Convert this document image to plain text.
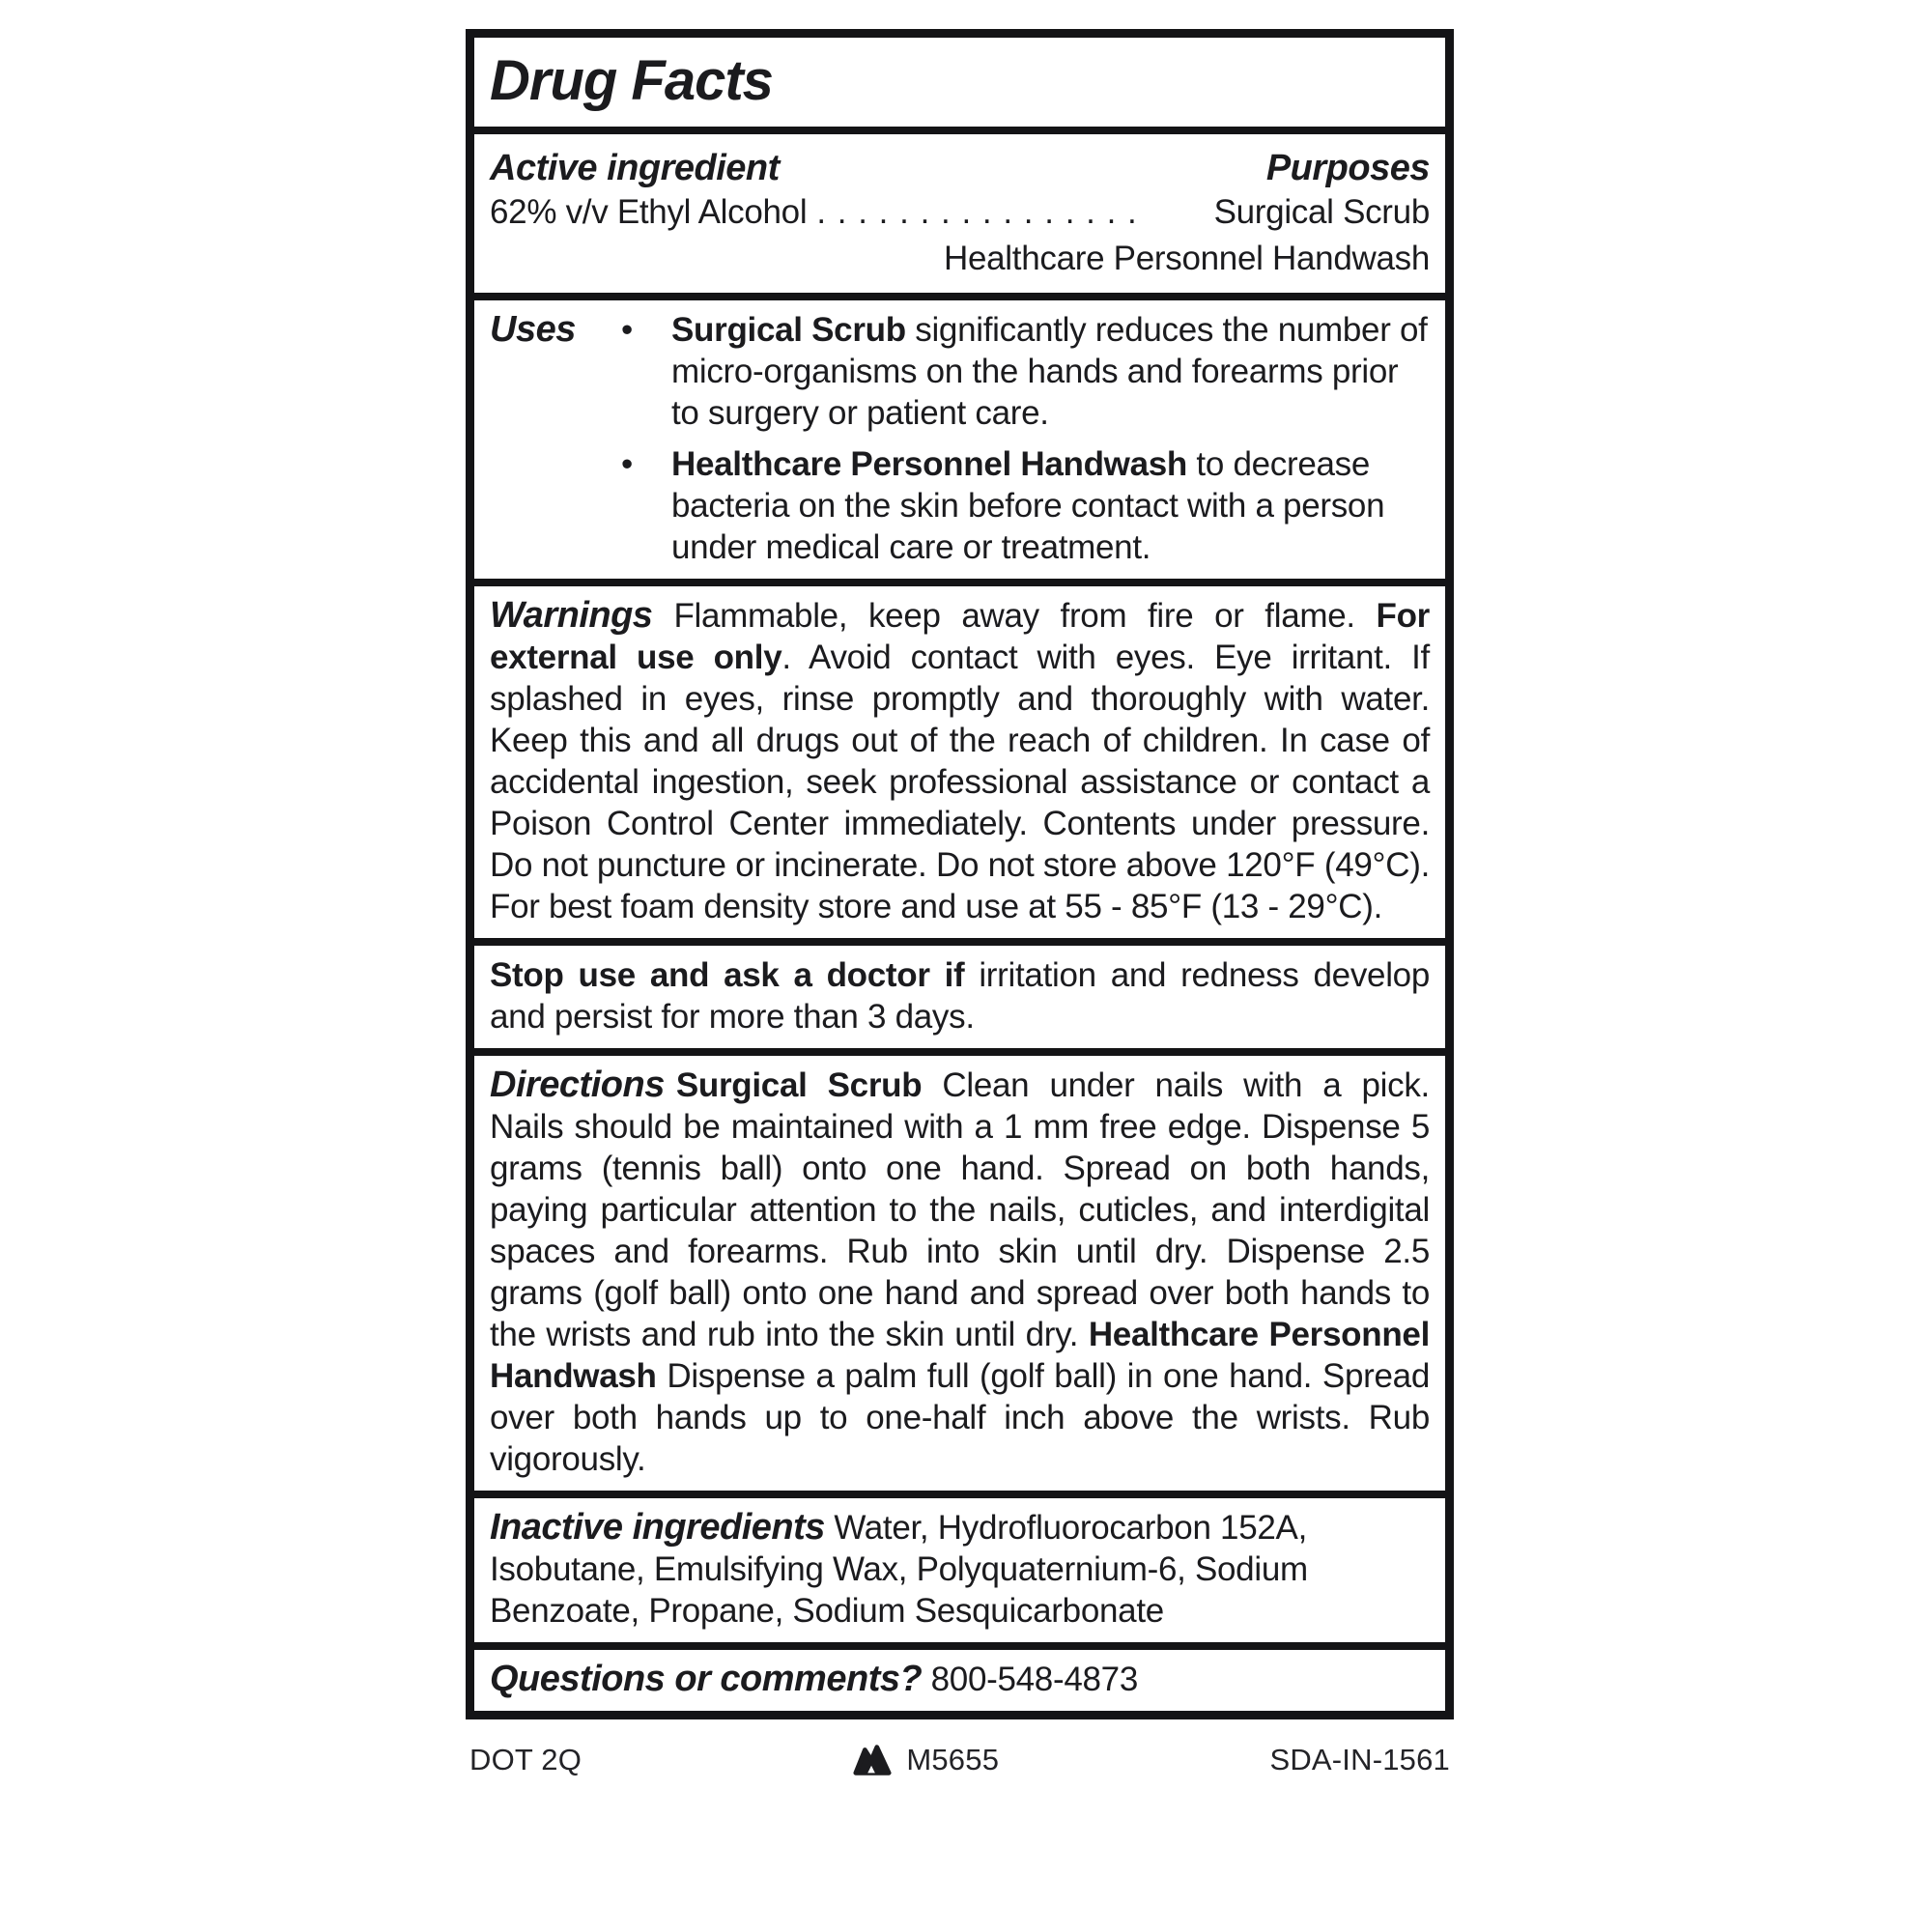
Drug Facts
Active ingredient	Purposes
62% v/v Ethyl Alcohol . . . . . . . . . . . . . . . .	Surgical Scrub
Healthcare Personnel Handwash
Uses •	Surgical Scrub significantly reduces the number of micro-organisms on the hands and forearms prior to surgery or patient care.
•
Healthcare Personnel Handwash to decrease bacteria on the skin before contact with a person under medical care or treatment.

Warnings Flammable, keep away from fire or flame. For external use only. Avoid contact with eyes. Eye irritant. If splashed in eyes, rinse promptly and thoroughly with water. Keep this and all drugs out of the reach of children. In case of accidental ingestion, seek professional assistance or contact a Poison Control Center immediately. Contents under pressure. Do not puncture or incinerate. Do not store above 120°F (49°C). For best foam density store and use at 55 - 85°F (13 - 29°C).

Stop use and ask a doctor if irritation and redness develop and persist for more than 3 days.

Directions Surgical Scrub Clean under nails with a pick. Nails should be maintained with a 1 mm free edge. Dispense 5 grams (tennis ball) onto one hand. Spread on both hands, paying particular attention to the nails, cuticles, and interdigital spaces and forearms. Rub into skin until dry. Dispense 2.5 grams (golf ball) onto one hand and spread over both hands to the wrists and rub into the skin until dry. Healthcare Personnel Handwash Dispense a palm full (golf ball) in one hand. Spread over both hands up to one-half inch above the wrists. Rub vigorously.

Inactive ingredients Water, Hydrofluorocarbon 152A, Isobutane, Emulsifying Wax, Polyquaternium-6, Sodium Benzoate, Propane, Sodium Sesquicarbonate

Questions or comments? 800-548-4873

DOT 2Q	M5655	SDA-IN-1561
